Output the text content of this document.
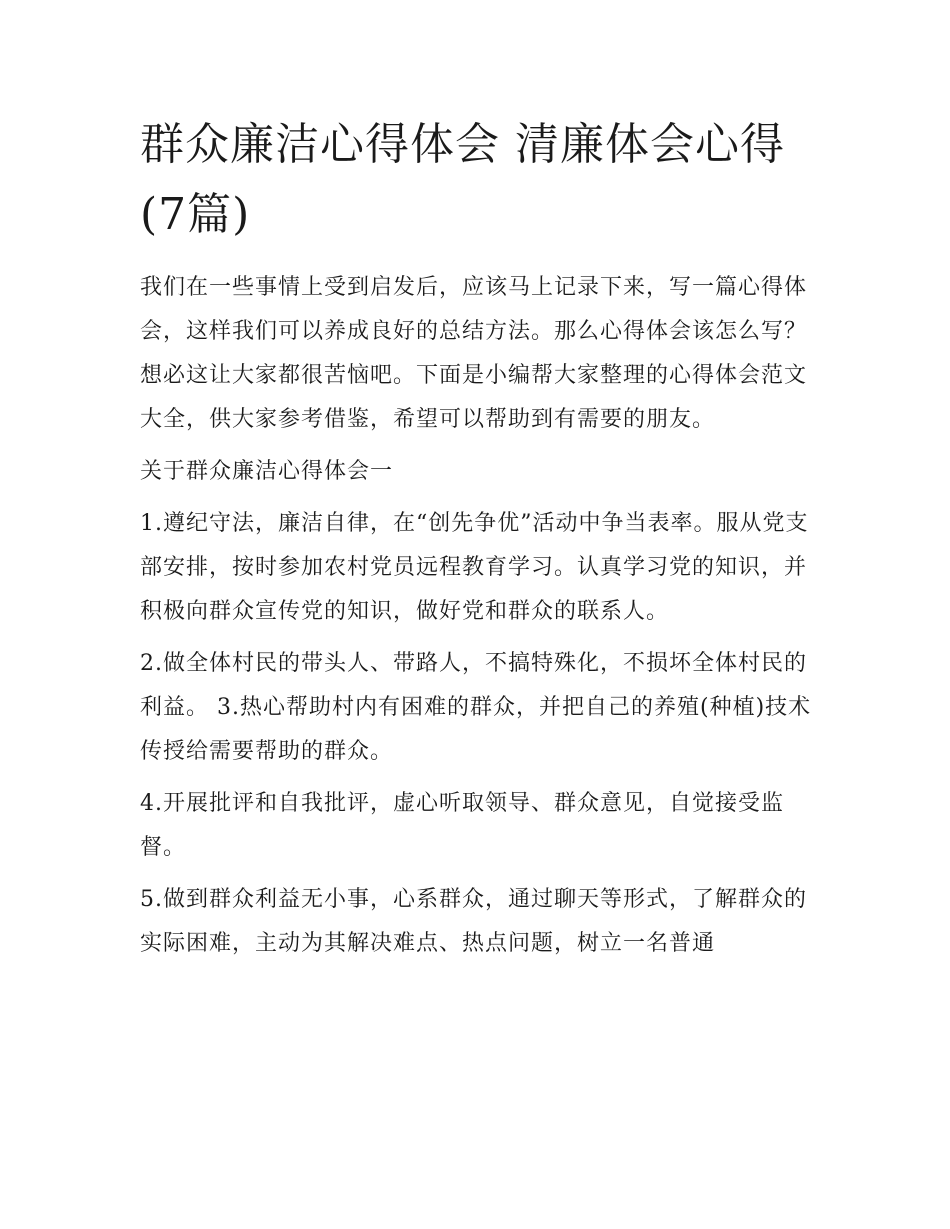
群众廉洁心得体会 清廉体会心得(7篇)

我们在一些事情上受到启发后，应该马上记录下来，写一篇心得体会，这样我们可以养成良好的总结方法。那么心得体会该怎么写？想必这让大家都很苦恼吧。下面是小编帮大家整理的心得体会范文大全，供大家参考借鉴，希望可以帮助到有需要的朋友。

关于群众廉洁心得体会一

1.遵纪守法，廉洁自律，在“创先争优”活动中争当表率。服从党支部安排，按时参加农村党员远程教育学习。认真学习党的知识，并积极向群众宣传党的知识，做好党和群众的联系人。

2.做全体村民的带头人、带路人，不搞特殊化，不损坏全体村民的利益。 3.热心帮助村内有困难的群众，并把自己的养殖(种植)技术传授给需要帮助的群众。

4.开展批评和自我批评，虚心听取领导、群众意见，自觉接受监督。

5.做到群众利益无小事，心系群众，通过聊天等形式，了解群众的实际困难，主动为其解决难点、热点问题，树立一名普通
